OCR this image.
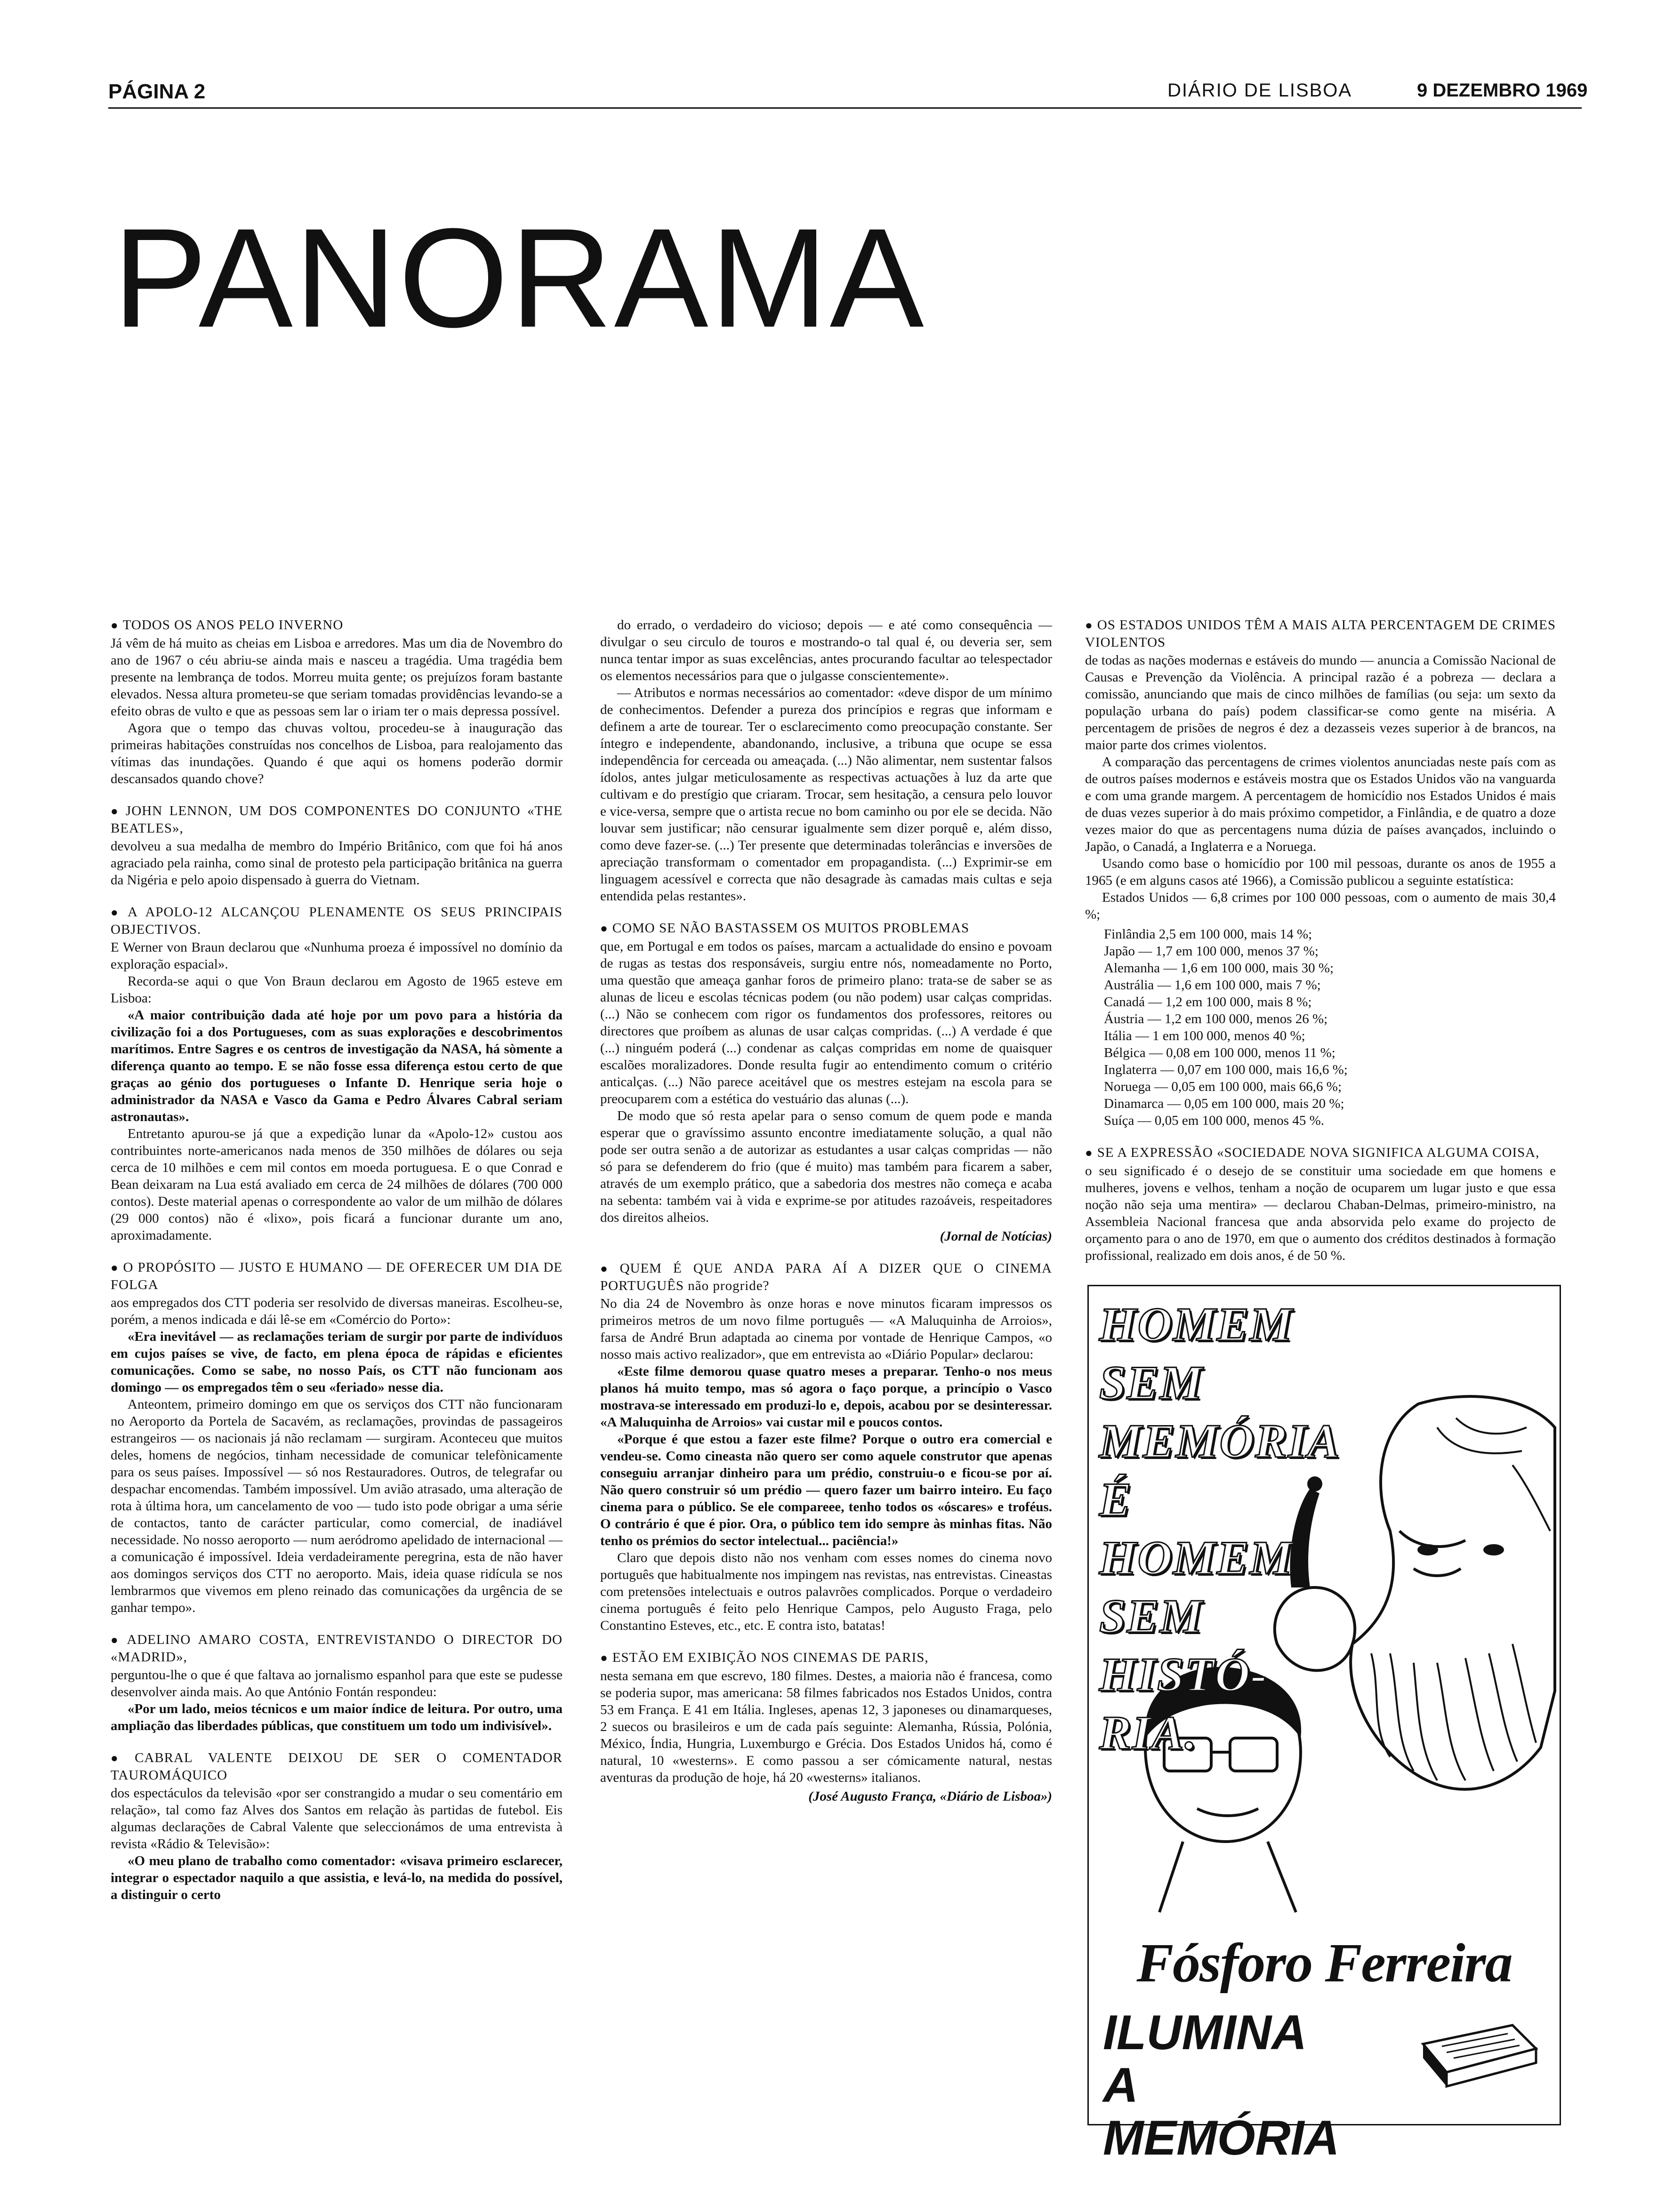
PÁGINA 2	DIÁRIO DE LISBOA	9 DEZEMBRO 1969
PANORAMA

● TODOS OS ANOS PELO INVERNO

Já vêm de há muito as cheias em Lisboa e arredores. Mas um dia de Novembro do ano de 1967 o céu abriu-se ainda mais e nasceu a tragédia. Uma tragédia bem presente na lembrança de todos. Morreu muita gente; os prejuízos foram bastante elevados. Nessa altura prometeu-se que seriam tomadas providências levando-se a efeito obras de vulto e que as pessoas sem lar o iriam ter o mais depressa possível.

Agora que o tempo das chuvas voltou, procedeu-se à inauguração das primeiras habitações construídas nos concelhos de Lisboa, para realojamento das vítimas das inundações. Quando é que aqui os homens poderão dormir descansados quando chove?

● JOHN LENNON, UM DOS COMPONENTES DO CONJUNTO «THE BEATLES»,

devolveu a sua medalha de membro do Império Britânico, com que foi há anos agraciado pela rainha, como sinal de protesto pela participação britânica na guerra da Nigéria e pelo apoio dispensado à guerra do Vietnam.

● A APOLO-12 ALCANÇOU PLENAMENTE OS SEUS PRINCIPAIS OBJECTIVOS.

E Werner von Braun declarou que «Nunhuma proeza é impossível no domínio da exploração espacial».

Recorda-se aqui o que Von Braun declarou em Agosto de 1965 esteve em Lisboa:

«A maior contribuição dada até hoje por um povo para a história da civilização foi a dos Portugueses, com as suas explorações e descobrimentos marítimos. Entre Sagres e os centros de investigação da NASA, há sòmente a diferença quanto ao tempo. E se não fosse essa diferença estou certo de que graças ao génio dos portugueses o Infante D. Henrique seria hoje o administrador da NASA e Vasco da Gama e Pedro Álvares Cabral seriam astronautas».

Entretanto apurou-se já que a expedição lunar da «Apolo-12» custou aos contribuintes norte-americanos nada menos de 350 milhões de dólares ou seja cerca de 10 milhões e cem mil contos em moeda portuguesa. E o que Conrad e Bean deixaram na Lua está avaliado em cerca de 24 milhões de dólares (700 000 contos). Deste material apenas o correspondente ao valor de um milhão de dólares (29 000 contos) não é «lixo», pois ficará a funcionar durante um ano, aproximadamente.

● O PROPÓSITO — JUSTO E HUMANO — DE OFERECER UM DIA DE FOLGA

aos empregados dos CTT poderia ser resolvido de diversas maneiras. Escolheu-se, porém, a menos indicada e dái lê-se em «Comércio do Porto»:

«Era inevitável — as reclamações teriam de surgir por parte de indivíduos em cujos países se vive, de facto, em plena época de rápidas e eficientes comunicações. Como se sabe, no nosso País, os CTT não funcionam aos domingo — os empregados têm o seu «feriado» nesse dia.

Anteontem, primeiro domingo em que os serviços dos CTT não funcionaram no Aeroporto da Portela de Sacavém, as reclamações, provindas de passageiros estrangeiros — os nacionais já não reclamam — surgiram. Aconteceu que muitos deles, homens de negócios, tinham necessidade de comunicar telefònicamente para os seus países. Impossível — só nos Restauradores. Outros, de telegrafar ou despachar encomendas. Também impossível. Um avião atrasado, uma alteração de rota à última hora, um cancelamento de voo — tudo isto pode obrigar a uma série de contactos, tanto de carácter particular, como comercial, de inadiável necessidade. No nosso aeroporto — num aeródromo apelidado de internacional — a comunicação é impossível. Ideia verdadeiramente peregrina, esta de não haver aos domingos serviços dos CTT no aeroporto. Mais, ideia quase ridícula se nos lembrarmos que vivemos em pleno reinado das comunicações da urgência de se ganhar tempo».

● ADELINO AMARO COSTA, ENTREVISTANDO O DIRECTOR DO «MADRID»,

perguntou-lhe o que é que faltava ao jornalismo espanhol para que este se pudesse desenvolver ainda mais. Ao que António Fontán respondeu:

«Por um lado, meios técnicos e um maior índice de leitura. Por outro, uma ampliação das liberdades públicas, que constituem um todo um indivisível».

● CABRAL VALENTE DEIXOU DE SER O COMENTADOR TAUROMÁQUICO

dos espectáculos da televisão «por ser constrangido a mudar o seu comentário em relação», tal como faz Alves dos Santos em relação às partidas de futebol. Eis algumas declarações de Cabral Valente que seleccionámos de uma entrevista à revista «Rádio & Televisão»:

«O meu plano de trabalho como comentador: «visava primeiro esclarecer, integrar o espectador naquilo a que assistia, e levá-lo, na medida do possível, a distinguir o certo

do errado, o verdadeiro do vicioso; depois — e até como consequência — divulgar o seu circulo de touros e mostrando-o tal qual é, ou deveria ser, sem nunca tentar impor as suas excelências, antes procurando facultar ao telespectador os elementos necessários para que o julgasse conscientemente».

— Atributos e normas necessários ao comentador: «deve dispor de um mínimo de conhecimentos. Defender a pureza dos princípios e regras que informam e definem a arte de tourear. Ter o esclarecimento como preocupação constante. Ser íntegro e independente, abandonando, inclusive, a tribuna que ocupe se essa independência for cerceada ou ameaçada. (...) Não alimentar, nem sustentar falsos ídolos, antes julgar meticulosamente as respectivas actuações à luz da arte que cultivam e do prestígio que criaram. Trocar, sem hesitação, a censura pelo louvor e vice-versa, sempre que o artista recue no bom caminho ou por ele se decida. Não louvar sem justificar; não censurar igualmente sem dizer porquê e, além disso, como deve fazer-se. (...) Ter presente que determinadas tolerâncias e inversões de apreciação transformam o comentador em propagandista. (...) Exprimir-se em linguagem acessível e correcta que não desagrade às camadas mais cultas e seja entendida pelas restantes».

● COMO SE NÃO BASTASSEM OS MUITOS PROBLEMAS

que, em Portugal e em todos os países, marcam a actualidade do ensino e povoam de rugas as testas dos responsáveis, surgiu entre nós, nomeadamente no Porto, uma questão que ameaça ganhar foros de primeiro plano: trata-se de saber se as alunas de liceu e escolas técnicas podem (ou não podem) usar calças compridas. (...) Não se conhecem com rigor os fundamentos dos professores, reitores ou directores que proíbem as alunas de usar calças compridas. (...) A verdade é que (...) ninguém poderá (...) condenar as calças compridas em nome de quaisquer escalões moralizadores. Donde resulta fugir ao entendimento comum o critério anticalças. (...) Não parece aceitável que os mestres estejam na escola para se preocuparem com a estética do vestuário das alunas (...).

De modo que só resta apelar para o senso comum de quem pode e manda esperar que o gravíssimo assunto encontre imediatamente solução, a qual não pode ser outra senão a de autorizar as estudantes a usar calças compridas — não só para se defenderem do frio (que é muito) mas também para ficarem a saber, através de um exemplo prático, que a sabedoria dos mestres não começa e acaba na sebenta: também vai à vida e exprime-se por atitudes razoáveis, respeitadores dos direitos alheios.

(Jornal de Notícias)

● QUEM É QUE ANDA PARA AÍ A DIZER QUE O CINEMA PORTUGUÊS não progride?

No dia 24 de Novembro às onze horas e nove minutos ficaram impressos os primeiros metros de um novo filme português — «A Maluquinha de Arroios», farsa de André Brun adaptada ao cinema por vontade de Henrique Campos, «o nosso mais activo realizador», que em entrevista ao «Diário Popular» declarou:

«Este filme demorou quase quatro meses a preparar. Tenho-o nos meus planos há muito tempo, mas só agora o faço porque, a princípio o Vasco mostrava-se interessado em produzi-lo e, depois, acabou por se desinteressar. «A Maluquinha de Arroios» vai custar mil e poucos contos.

«Porque é que estou a fazer este filme? Porque o outro era comercial e vendeu-se. Como cineasta não quero ser como aquele construtor que apenas conseguiu arranjar dinheiro para um prédio, construiu-o e ficou-se por aí. Não quero construir só um prédio — quero fazer um bairro inteiro. Eu faço cinema para o público. Se ele compareee, tenho todos os «óscares» e troféus. O contrário é que é pior. Ora, o público tem ido sempre às minhas fitas. Não tenho os prémios do sector intelectual... paciência!»

Claro que depois disto não nos venham com esses nomes do cinema novo português que habitualmente nos impingem nas revistas, nas entrevistas. Cineastas com pretensões intelectuais e outros palavrões complicados. Porque o verdadeiro cinema português é feito pelo Henrique Campos, pelo Augusto Fraga, pelo Constantino Esteves, etc., etc. E contra isto, batatas!

● ESTÃO EM EXIBIÇÃO NOS CINEMAS DE PARIS,

nesta semana em que escrevo, 180 filmes. Destes, a maioria não é francesa, como se poderia supor, mas americana: 58 filmes fabricados nos Estados Unidos, contra 53 em França. E 41 em Itália. Ingleses, apenas 12, 3 japoneses ou dinamarqueses, 2 suecos ou brasileiros e um de cada país seguinte: Alemanha, Rússia, Polónia, México, Índia, Hungria, Luxemburgo e Grécia. Dos Estados Unidos há, como é natural, 10 «westerns». E como passou a ser cómicamente natural, nestas aventuras da produção de hoje, há 20 «westerns» italianos.

(José Augusto França, «Diário de Lisboa»)

● OS ESTADOS UNIDOS TÊM A MAIS ALTA PERCENTAGEM DE CRIMES VIOLENTOS

de todas as nações modernas e estáveis do mundo — anuncia a Comissão Nacional de Causas e Prevenção da Violência. A principal razão é a pobreza — declara a comissão, anunciando que mais de cinco milhões de famílias (ou seja: um sexto da população urbana do país) podem classificar-se como gente na miséria. A percentagem de prisões de negros é dez a dezasseis vezes superior à de brancos, na maior parte dos crimes violentos.

A comparação das percentagens de crimes violentos anunciadas neste país com as de outros países modernos e estáveis mostra que os Estados Unidos vão na vanguarda e com uma grande margem. A percentagem de homicídio nos Estados Unidos é mais de duas vezes superior à do mais próximo competidor, a Finlândia, e de quatro a doze vezes maior do que as percentagens numa dúzia de países avançados, incluindo o Japão, o Canadá, a Inglaterra e a Noruega.

Usando como base o homicídio por 100 mil pessoas, durante os anos de 1955 a 1965 (e em alguns casos até 1966), a Comissão publicou a seguinte estatística:

Estados Unidos — 6,8 crimes por 100 000 pessoas, com o aumento de mais 30,4 %;

Finlândia 2,5 em 100 000, mais 14 %;
Japão — 1,7 em 100 000, menos 37 %;
Alemanha — 1,6 em 100 000, mais 30 %;
Austrália — 1,6 em 100 000, mais 7 %;
Canadá — 1,2 em 100 000, mais 8 %;
Áustria — 1,2 em 100 000, menos 26 %;
Itália — 1 em 100 000, menos 40 %;
Bélgica — 0,08 em 100 000, menos 11 %;
Inglaterra — 0,07 em 100 000, mais 16,6 %;
Noruega — 0,05 em 100 000, mais 66,6 %;
Dinamarca — 0,05 em 100 000, mais 20 %;
Suíça — 0,05 em 100 000, menos 45 %.

● SE A EXPRESSÃO «SOCIEDADE NOVA SIGNIFICA ALGUMA COISA,

o seu significado é o desejo de se constituir uma sociedade em que homens e mulheres, jovens e velhos, tenham a noção de ocuparem um lugar justo e que essa noção não seja uma mentira» — declarou Chaban-Delmas, primeiro-ministro, na Assembleia Nacional francesa que anda absorvida pelo exame do projecto de orçamento para o ano de 1970, em que o aumento dos créditos destinados à formação profissional, realizado em dois anos, é de 50 %.

HOMEM SEM
MEMÓRIA É
HOMEM
SEM
HISTÓ-
RIA.
Fósforo Ferreira
ILUMINA
A MEMÓRIA
